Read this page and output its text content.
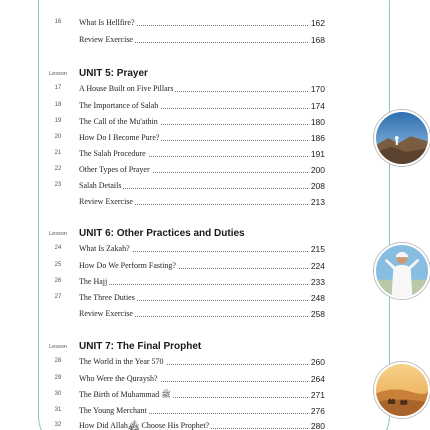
16	What Is Hellfire?	162
Review Exercise	168
Lesson	UNIT 5: Prayer
17	A House Built on Five Pillars	170
18	The Importance of Salah	174
19	The Call of the Mu'athin	180
20	How Do I Become Pure?	186
21	The Salah Procedure	191
22	Other Types of Prayer	200
23	Salah Details	208
Review Exercise	213
Lesson	UNIT 6: Other Practices and Duties
24	What Is Zakah?	215
25	How Do We Perform Fasting?	224
26	The Hajj	233
27	The Three Duties	248
Review Exercise	258
Lesson	UNIT 7: The Final Prophet
28	The World in the Year 570	260
29	Who Were the Quraysh?	264
30	The Birth of Muhammad ﷺ	271
31	The Young Merchant	276
32	How Did Allah﷾ Choose His Prophet?	280
